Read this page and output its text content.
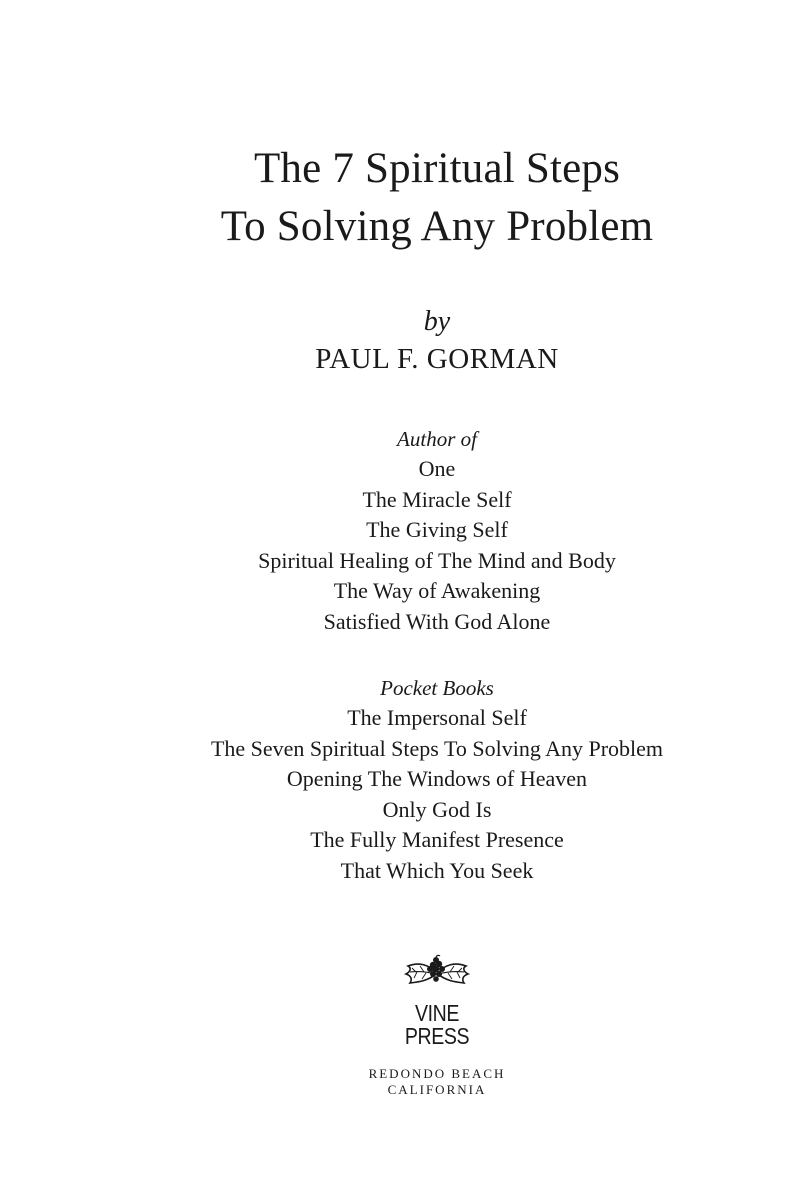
The 7 Spiritual Steps
To Solving Any Problem
by
PAUL F. GORMAN
Author of
One
The Miracle Self
The Giving Self
Spiritual Healing of The Mind and Body
The Way of Awakening
Satisfied With God Alone
Pocket Books
The Impersonal Self
The Seven Spiritual Steps To Solving Any Problem
Opening The Windows of Heaven
Only God Is
The Fully Manifest Presence
That Which You Seek
VINE
PRESS
REDONDO BEACH
CALIFORNIA
